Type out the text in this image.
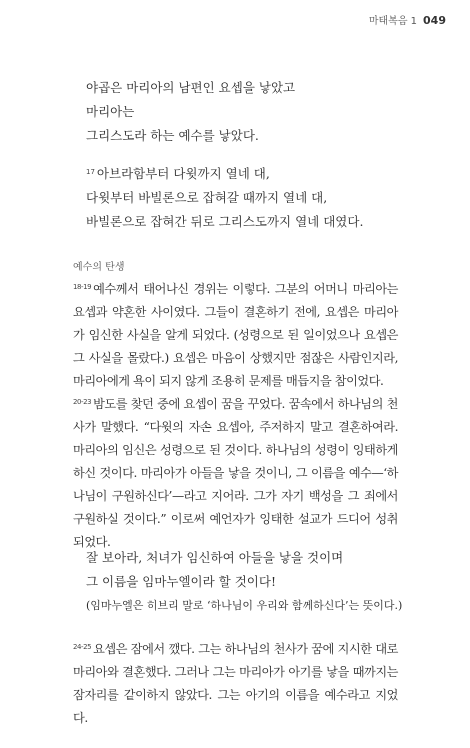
마태복음 1 049
야곱은 마리아의 남편인 요셉을 낳았고
마리아는
그리스도라 하는 예수를 낳았다.
$^{17}$ 아브라함부터 다윗까지 열네 대,
다윗부터 바빌론으로 잡혀갈 때까지 열네 대,
바빌론으로 잡혀간 뒤로 그리스도까지 열네 대였다.
예수의 탄생
$^{18-19}$ 예수께서 태어나신 경위는 이렇다. 그분의 어머니 마리아는 요셉과 약혼한 사이였다. 그들이 결혼하기 전에, 요셉은 마리아가 임신한 사실을 알게 되었다. (성령으로 된 일이었으나 요셉은 그 사실을 몰랐다.) 요셉은 마음이 상했지만 점잖은 사람인지라, 마리아에게 욕이 되지 않게 조용히 문제를 매듭지을 참이었다.
$^{20-23}$ 밤도를 찾던 중에 요셉이 꿈을 꾸었다. 꿈속에서 하나님의 천사가 말했다. “다윗의 자손 요셉아, 주저하지 말고 결혼하여라. 마리아의 임신은 성령으로 된 것이다. 하나님의 성령이 잉태하게 하신 것이다. 마리아가 아들을 낳을 것이니, 그 이름을 예수—‘하나님이 구원하신다’—라고 지어라. 그가 자기 백성을 그 죄에서 구원하실 것이다.” 이로써 예언자가 잉태한 설교가 드디어 성취되었다.
잘 보아라, 처녀가 임신하여 아들을 낳을 것이며
그 이름을 임마누엘이라 할 것이다!
(임마누엘은 히브리 말로 ‘하나님이 우리와 함께하신다’는 뜻이다.)
$^{24-25}$ 요셉은 잠에서 깼다. 그는 하나님의 천사가 꿈에 지시한 대로 마리아와 결혼했다. 그러나 그는 마리아가 아기를 낳을 때까지는 잠자리를 같이하지 않았다. 그는 아기의 이름을 예수라고 지었다.
